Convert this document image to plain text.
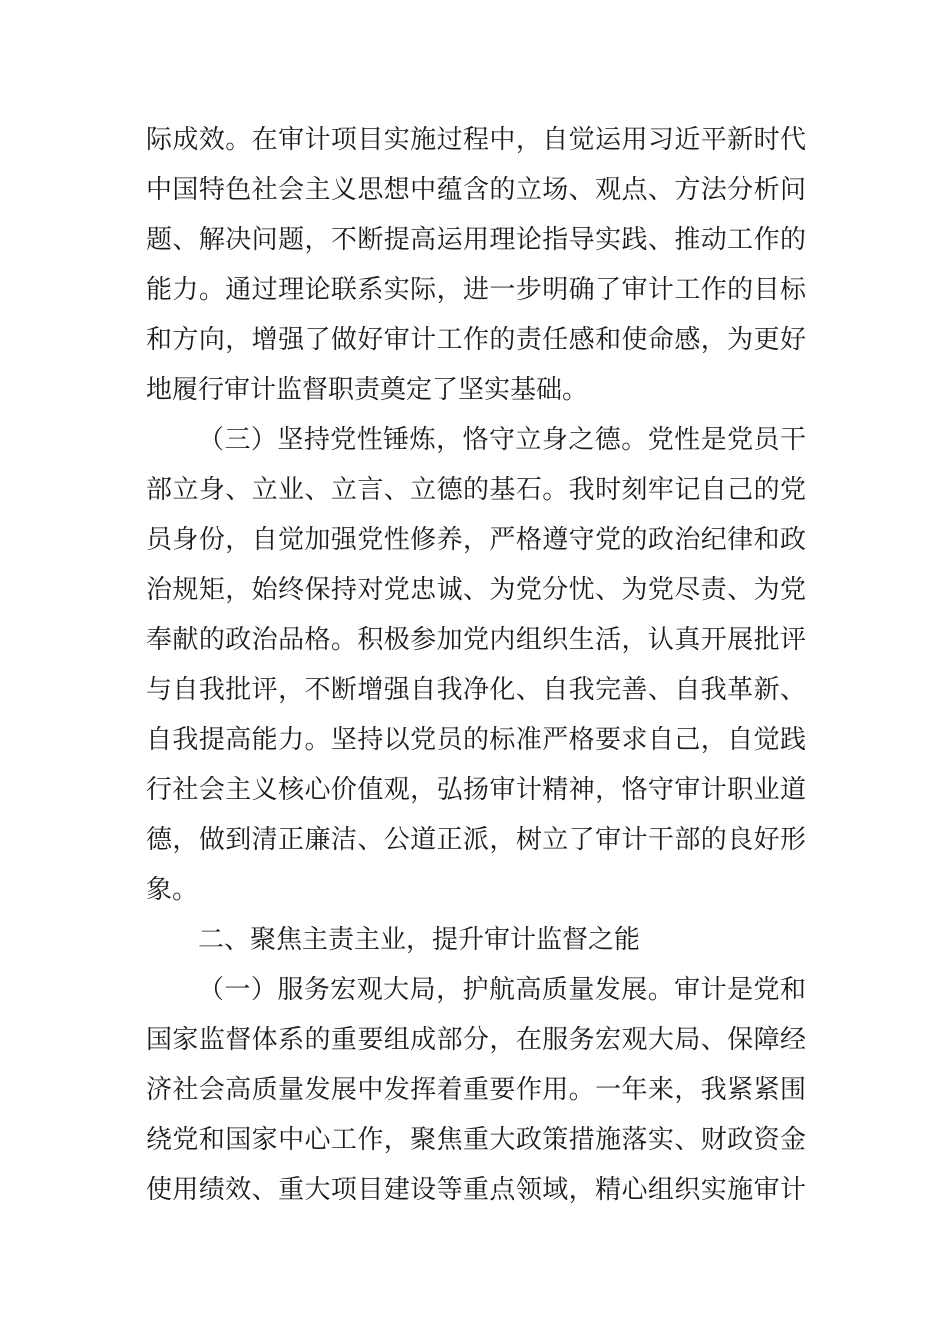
际成效。在审计项目实施过程中，自觉运用习近平新时代
中国特色社会主义思想中蕴含的立场、观点、方法分析问
题、解决问题，不断提高运用理论指导实践、推动工作的
能力。通过理论联系实际，进一步明确了审计工作的目标
和方向，增强了做好审计工作的责任感和使命感，为更好
地履行审计监督职责奠定了坚实基础。
（三）坚持党性锤炼，恪守立身之德。党性是党员干
部立身、立业、立言、立德的基石。我时刻牢记自己的党
员身份，自觉加强党性修养，严格遵守党的政治纪律和政
治规矩，始终保持对党忠诚、为党分忧、为党尽责、为党
奉献的政治品格。积极参加党内组织生活，认真开展批评
与自我批评，不断增强自我净化、自我完善、自我革新、
自我提高能力。坚持以党员的标准严格要求自己，自觉践
行社会主义核心价值观，弘扬审计精神，恪守审计职业道
德，做到清正廉洁、公道正派，树立了审计干部的良好形
象。
二、聚焦主责主业，提升审计监督之能
（一）服务宏观大局，护航高质量发展。审计是党和
国家监督体系的重要组成部分，在服务宏观大局、保障经
济社会高质量发展中发挥着重要作用。一年来，我紧紧围
绕党和国家中心工作，聚焦重大政策措施落实、财政资金
使用绩效、重大项目建设等重点领域，精心组织实施审计
